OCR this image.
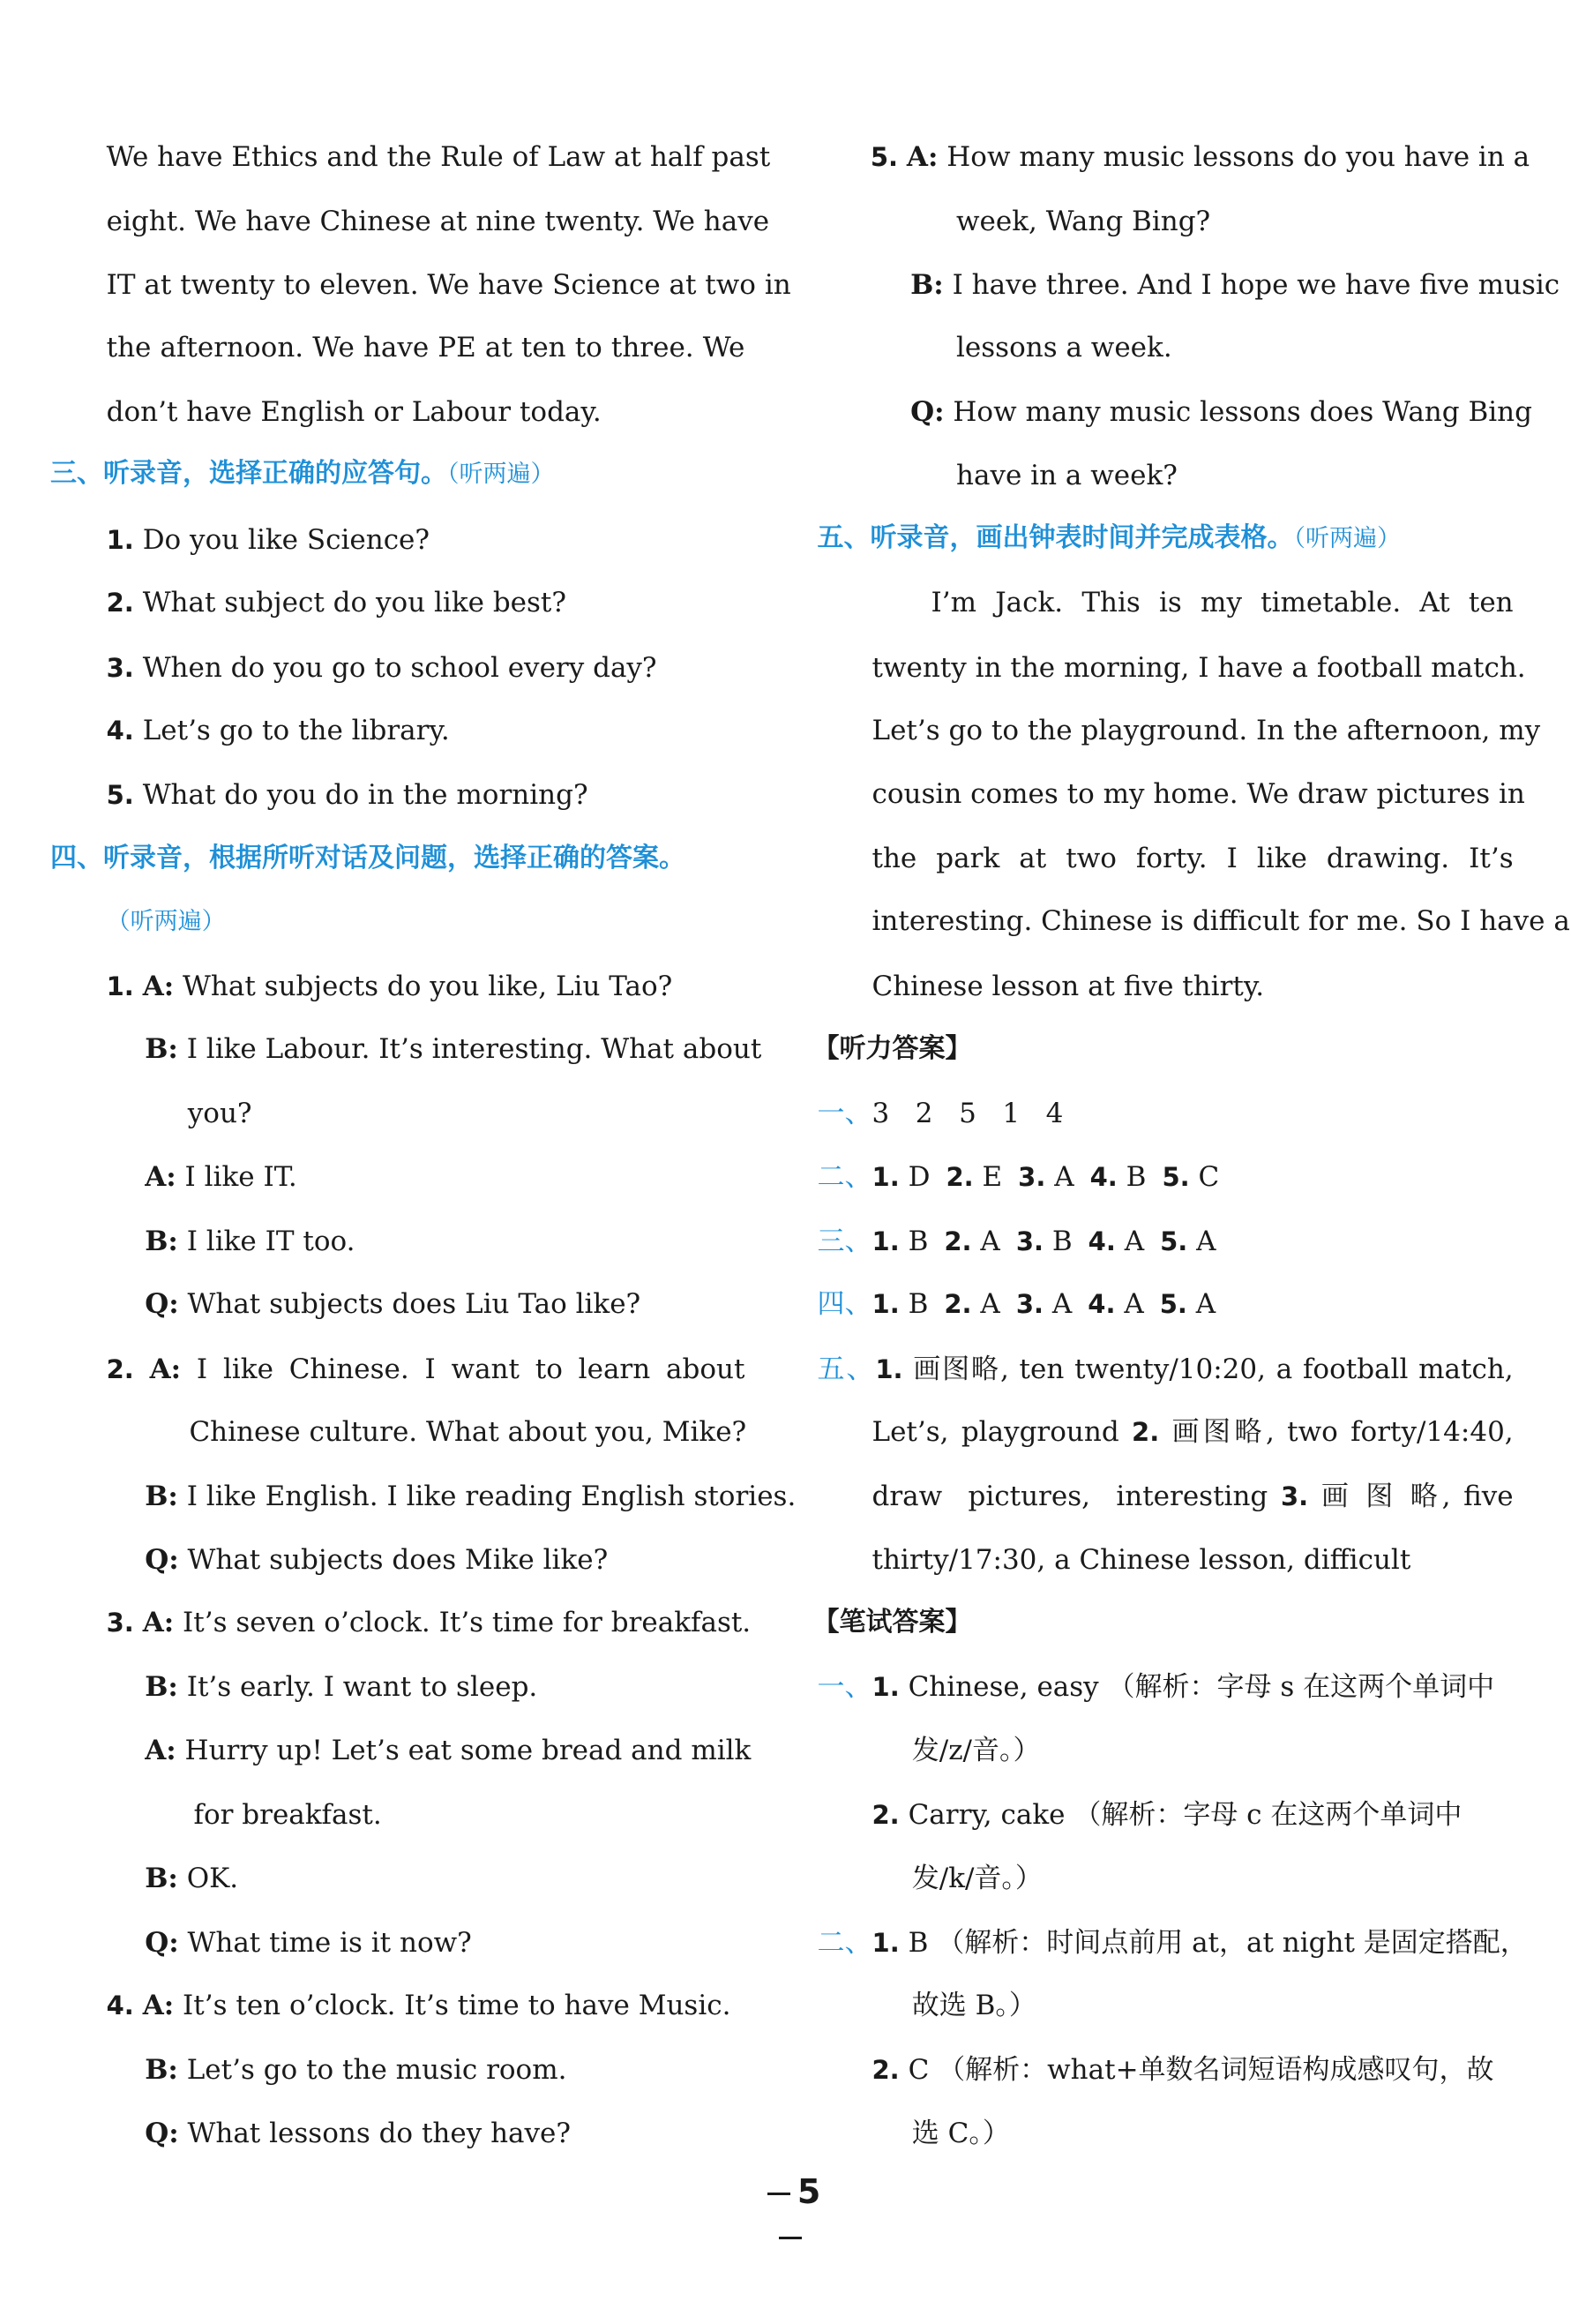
We have Ethics and the Rule of Law at half past
eight. We have Chinese at nine twenty. We have
IT at twenty to eleven. We have Science at two in
the afternoon. We have PE at ten to three. We
don’t have English or Labour today.
三、听录音，选择正确的应答句。（听两遍）
1. Do you like Science?
2. What subject do you like best?
3. When do you go to school every day?
4. Let’s go to the library.
5. What do you do in the morning?
四、听录音，根据所听对话及问题，选择正确的答案。
（听两遍）
1. A: What subjects do you like, Liu Tao?
B: I like Labour. It’s interesting. What about
you?
A: I like IT.
B: I like IT too.
Q: What subjects does Liu Tao like?
2. A: I like Chinese. I want to learn about
Chinese culture. What about you, Mike?
B: I like English. I like reading English stories.
Q: What subjects does Mike like?
3. A: It’s seven o’clock. It’s time for breakfast.
B: It’s early. I want to sleep.
A: Hurry up! Let’s eat some bread and milk
for breakfast.
B: OK.
Q: What time is it now?
4. A: It’s ten o’clock. It’s time to have Music.
B: Let’s go to the music room.
Q: What lessons do they have?
5. A: How many music lessons do you have in a
week, Wang Bing?
B: I have three. And I hope we have five music
lessons a week.
Q: How many music lessons does Wang Bing
have in a week?
五、听录音，画出钟表时间并完成表格。（听两遍）
I’m Jack. This is my timetable. At ten
twenty in the morning, I have a football match.
Let’s go to the playground. In the afternoon, my
cousin comes to my home. We draw pictures in
the park at two forty. I like drawing. It’s
interesting. Chinese is difficult for me. So I have a
Chinese lesson at five thirty.
【听力答案】
一、3   2   5   1   4
二、1. D 2. E 3. A 4. B 5. C
三、1. B 2. A 3. B 4. A 5. A
四、1. B 2. A 3. A 4. A 5. A
五、1. 画图略, ten twenty/10:20, a football match,
Let’s, playground 2. 画图略, two forty/14:40,
draw  pictures,  interesting 3. 画 图 略, five
thirty/17:30, a Chinese lesson, difficult
【笔试答案】
一、1. Chinese, easy （解析：字母 s 在这两个单词中
发/z/音。）
2. Carry, cake （解析：字母 c 在这两个单词中
发/k/音。）
二、1. B （解析：时间点前用 at，at night 是固定搭配，
故选 B。）
2. C （解析：what+单数名词短语构成感叹句，故
选 C。）
5
